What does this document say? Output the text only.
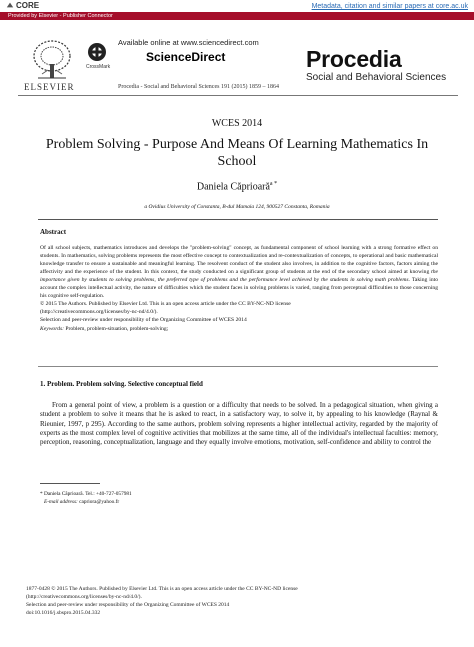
CORE	Metadata, citation and similar papers at core.ac.uk
Provided by Elsevier - Publisher Connector
ELSEVIER
CrossMark
Available online at www.sciencedirect.com
ScienceDirect
Procedia - Social and Behavioral Sciences 191 (2015) 1859 – 1864
Procedia
Social and Behavioral Sciences
WCES 2014
Problem Solving - Purpose And Means Of Learning Mathematics In School
Daniela Căprioară$^{a *}$
a Ovidius University of Constanta, B-dul Mamaia 124, 900527 Constanta, Romania
Abstract
Of all school subjects, mathematics introduces and develops the "problem-solving" concept, as fundamental component of school learning with a strong formative effect on students. In mathematics, solving problems represents the most effective concept to contextualization and re-contextualization of concepts, to operational and basic mathematical knowledge transfer to ensure a sustainable and meaningful learning. The resolvent conduct of the student also involves, in addition to the cognitive factors, factors aiming the affectivity and the experience of the student. In this context, the study conducted on a significant group of students at the end of the secondary school aimed at knowing the importance given by students to solving problems, the preferred type of problems and the performance level achieved by the students in solving math problems. Taking into account the complex intellectual activity, the nature of difficulties which the student faces in solving problems is varied, ranging from perceptual difficulties to those concerning his cognitive self-regulation.
© 2015 The Authors. Published by Elsevier Ltd. This is an open access article under the CC BY-NC-ND license
(http://creativecommons.org/licenses/by-nc-nd/4.0/).
Selection and peer-review under responsibility of the Organizing Committee of WCES 2014
Keywords: Problem, problem-situation, problem-solving;
1. Problem. Problem solving. Selective conceptual field
From a general point of view, a problem is a question or a difficulty that needs to be solved. In a pedagogical situation, when giving a student a problem to solve it means that he is asked to react, in a satisfactory way, to solve it, by appealing to his knowledge (Raynal & Rieunier, 1997, p 295). According to the same authors, problem solving represents a higher intellectual activity, regarded by the majority of experts as the most complex level of cognitive activities that mobilizes at the same time, all of the individual's intellectual faculties: memory, perception, reasoning, conceptualization, language and they equally involve emotions, motivation, self-confidence and ability to control the
* Daniela Căprioară. Tel.: +40-727-057981
E-mail address: capriora@yahoo.fr
1877-0428 © 2015 The Authors. Published by Elsevier Ltd. This is an open access article under the CC BY-NC-ND license
(http://creativecommons.org/licenses/by-nc-nd/4.0/).
Selection and peer-review under responsibility of the Organizing Committee of WCES 2014
doi:10.1016/j.sbspro.2015.04.332
